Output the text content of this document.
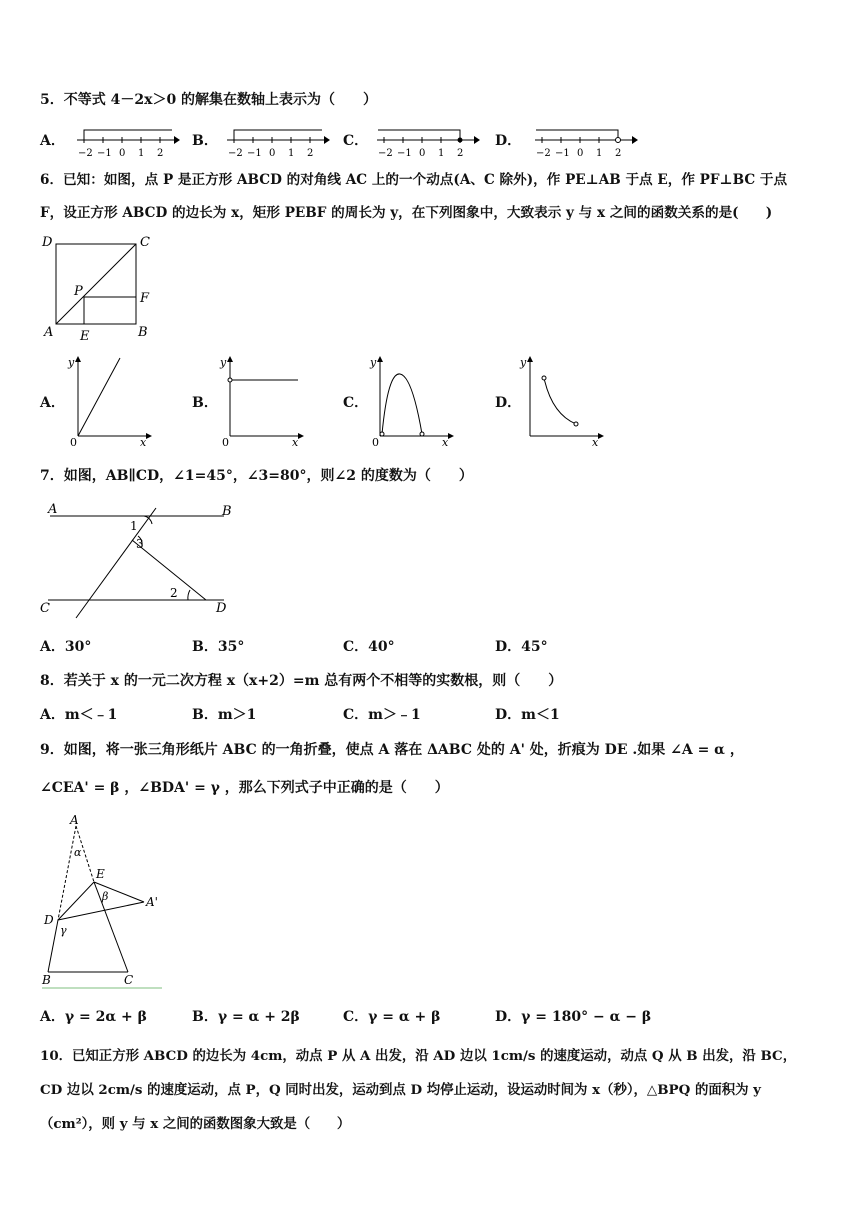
5．不等式 4－2x＞0 的解集在数轴上表示为（　　）
A．	B．	C．	D．
−2 −1 0 1 2	−2 −1 0 1 2	−2 −1 0 1 2	−2 −1 0 1 2
6．已知：如图，点 P 是正方形 ABCD 的对角线 AC 上的一个动点(A、C 除外)，作 PE⊥AB 于点 E，作 PF⊥BC 于点
F，设正方形 ABCD 的边长为 x，矩形 PEBF 的周长为 y，在下列图象中，大致表示 y 与 x 之间的函数关系的是(　　)
D	C
P	F
A E	B
A．	B．	C．	D．
y
x
0
y
x
0
y
x
0
y
x
7．如图，AB∥CD，∠1=45°，∠3=80°，则∠2 的度数为（　　）
A	B
1
3
2
C	D
A．30°	B．35°	C．40°	D．45°
8．若关于 x 的一元二次方程 x（x+2）=m 总有两个不相等的实数根，则（　　）
A．m＜﹣1	B．m＞1	C．m＞﹣1	D．m＜1
9．如图，将一张三角形纸片 ABC 的一角折叠，使点 A 落在 ΔABC 处的 A' 处，折痕为 DE .如果 ∠A = α ，
∠CEA' = β ，∠BDA' = γ ，那么下列式子中正确的是（　　）
A
α
E
β	A'
D
γ
B	C
A．γ = 2α + β	B．γ = α + 2β	C．γ = α + β	D．γ = 180° − α − β
10．已知正方形 ABCD 的边长为 4cm，动点 P 从 A 出发，沿 AD 边以 1cm/s 的速度运动，动点 Q 从 B 出发，沿 BC，
CD 边以 2cm/s 的速度运动，点 P，Q 同时出发，运动到点 D 均停止运动，设运动时间为 x（秒），△BPQ 的面积为 y
（cm²），则 y 与 x 之间的函数图象大致是（　　）
